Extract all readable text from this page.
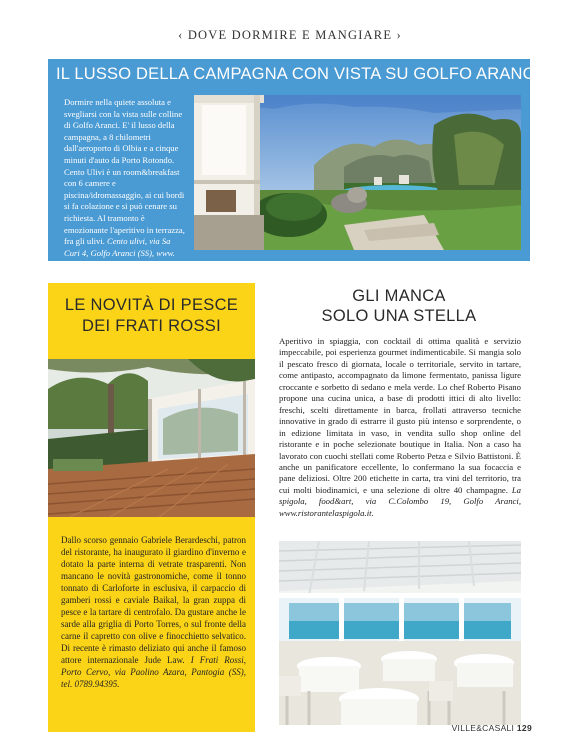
‹ DOVE DORMIRE E MANGIARE ›
IL LUSSO DELLA CAMPAGNA CON VISTA SU GOLFO ARANCI
Dormire nella quiete assoluta e svegliarsi con la vista sulle colline di Golfo Aranci. E' il lusso della campagna, a 8 chilometri dall'aeroporto di Olbia e a cinque minuti d'auto da Porto Rotondo. Cento Ulivi è un room&breakfast con 6 camere e piscina/idromassaggio, ai cui bordi si fa colazione e si può cenare su richiesta. Al tramonto è emozionante l'aperitivo in terrazza, fra gli ulivi. Cento ulivi, via Sa Curi 4, Golfo Aranci (SS), www. bbcentoulivi.it.
LE NOVITÀ DI PESCE
DEI FRATI ROSSI
Dallo scorso gennaio Gabriele Berardeschi, patron del ristorante, ha inaugurato il giardino d'inverno e dotato la parte interna di vetrate trasparenti. Non mancano le novità gastronomiche, come il tonno tonnato di Carloforte in esclusiva, il carpaccio di gamberi rossi e caviale Baikal, la gran zuppa di pesce e la tartare di centrofalo. Da gustare anche le sarde alla griglia di Porto Torres, o sul fronte della carne il capretto con olive e finocchietto selvatico. Di recente è rimasto deliziato qui anche il famoso attore internazionale Jude Law. I Frati Rossi, Porto Cervo, via Paolino Azara, Pantogia (SS), tel. 0789.94395.
GLI MANCA
SOLO UNA STELLA
Aperitivo in spiaggia, con cocktail di ottima qualità e servizio impeccabile, poi esperienza gourmet indimenticabile. Si mangia solo il pescato fresco di giornata, locale o territoriale, servito in tartare, come antipasto, accompagnato da limone fermentato, panissa ligure croccante e sorbetto di sedano e mela verde. Lo chef Roberto Pisano propone una cucina unica, a base di prodotti ittici di alto livello: freschi, scelti direttamente in barca, frollati attraverso tecniche innovative in grado di estrarre il gusto più intenso e sorprendente, o in edizione limitata in vaso, in vendita sullo shop online del ristorante e in poche selezionate boutique in Italia. Non a caso ha lavorato con cuochi stellati come Roberto Petza e Silvio Battistoni. È anche un panificatore eccellente, lo confermano la sua focaccia e pane deliziosi. Oltre 200 etichette in carta, tra vini del territorio, tra cui molti biodinamici, e una selezione di oltre 40 champagne. La spigola, food&art, via C.Colombo 19, Golfo Aranci, www.ristorantelaspigola.it.
VILLE&CASALI 129
